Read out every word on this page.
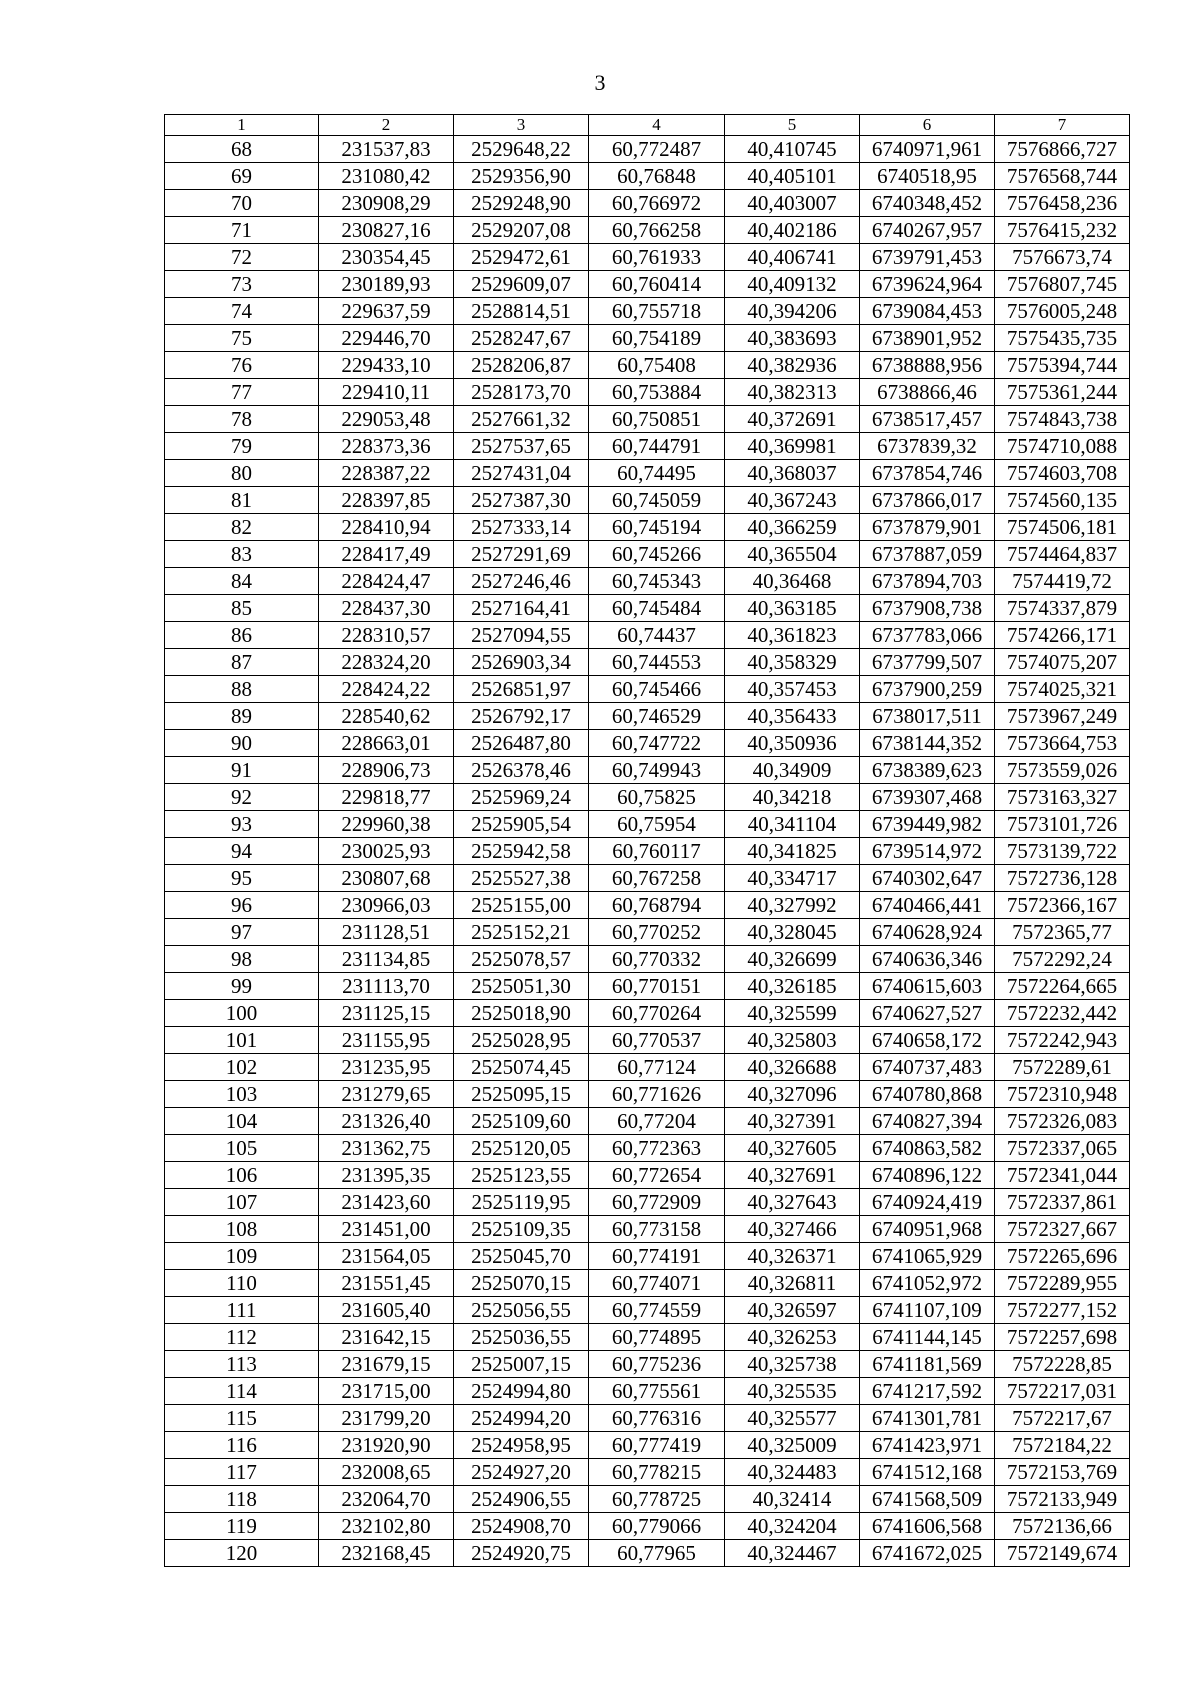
3
1	2	3	4	5	6	7
68	231537,83	2529648,22	60,772487	40,410745	6740971,961	7576866,727
69	231080,42	2529356,90	60,76848	40,405101	6740518,95	7576568,744
70	230908,29	2529248,90	60,766972	40,403007	6740348,452	7576458,236
71	230827,16	2529207,08	60,766258	40,402186	6740267,957	7576415,232
72	230354,45	2529472,61	60,761933	40,406741	6739791,453	7576673,74
73	230189,93	2529609,07	60,760414	40,409132	6739624,964	7576807,745
74	229637,59	2528814,51	60,755718	40,394206	6739084,453	7576005,248
75	229446,70	2528247,67	60,754189	40,383693	6738901,952	7575435,735
76	229433,10	2528206,87	60,75408	40,382936	6738888,956	7575394,744
77	229410,11	2528173,70	60,753884	40,382313	6738866,46	7575361,244
78	229053,48	2527661,32	60,750851	40,372691	6738517,457	7574843,738
79	228373,36	2527537,65	60,744791	40,369981	6737839,32	7574710,088
80	228387,22	2527431,04	60,74495	40,368037	6737854,746	7574603,708
81	228397,85	2527387,30	60,745059	40,367243	6737866,017	7574560,135
82	228410,94	2527333,14	60,745194	40,366259	6737879,901	7574506,181
83	228417,49	2527291,69	60,745266	40,365504	6737887,059	7574464,837
84	228424,47	2527246,46	60,745343	40,36468	6737894,703	7574419,72
85	228437,30	2527164,41	60,745484	40,363185	6737908,738	7574337,879
86	228310,57	2527094,55	60,74437	40,361823	6737783,066	7574266,171
87	228324,20	2526903,34	60,744553	40,358329	6737799,507	7574075,207
88	228424,22	2526851,97	60,745466	40,357453	6737900,259	7574025,321
89	228540,62	2526792,17	60,746529	40,356433	6738017,511	7573967,249
90	228663,01	2526487,80	60,747722	40,350936	6738144,352	7573664,753
91	228906,73	2526378,46	60,749943	40,34909	6738389,623	7573559,026
92	229818,77	2525969,24	60,75825	40,34218	6739307,468	7573163,327
93	229960,38	2525905,54	60,75954	40,341104	6739449,982	7573101,726
94	230025,93	2525942,58	60,760117	40,341825	6739514,972	7573139,722
95	230807,68	2525527,38	60,767258	40,334717	6740302,647	7572736,128
96	230966,03	2525155,00	60,768794	40,327992	6740466,441	7572366,167
97	231128,51	2525152,21	60,770252	40,328045	6740628,924	7572365,77
98	231134,85	2525078,57	60,770332	40,326699	6740636,346	7572292,24
99	231113,70	2525051,30	60,770151	40,326185	6740615,603	7572264,665
100	231125,15	2525018,90	60,770264	40,325599	6740627,527	7572232,442
101	231155,95	2525028,95	60,770537	40,325803	6740658,172	7572242,943
102	231235,95	2525074,45	60,77124	40,326688	6740737,483	7572289,61
103	231279,65	2525095,15	60,771626	40,327096	6740780,868	7572310,948
104	231326,40	2525109,60	60,77204	40,327391	6740827,394	7572326,083
105	231362,75	2525120,05	60,772363	40,327605	6740863,582	7572337,065
106	231395,35	2525123,55	60,772654	40,327691	6740896,122	7572341,044
107	231423,60	2525119,95	60,772909	40,327643	6740924,419	7572337,861
108	231451,00	2525109,35	60,773158	40,327466	6740951,968	7572327,667
109	231564,05	2525045,70	60,774191	40,326371	6741065,929	7572265,696
110	231551,45	2525070,15	60,774071	40,326811	6741052,972	7572289,955
111	231605,40	2525056,55	60,774559	40,326597	6741107,109	7572277,152
112	231642,15	2525036,55	60,774895	40,326253	6741144,145	7572257,698
113	231679,15	2525007,15	60,775236	40,325738	6741181,569	7572228,85
114	231715,00	2524994,80	60,775561	40,325535	6741217,592	7572217,031
115	231799,20	2524994,20	60,776316	40,325577	6741301,781	7572217,67
116	231920,90	2524958,95	60,777419	40,325009	6741423,971	7572184,22
117	232008,65	2524927,20	60,778215	40,324483	6741512,168	7572153,769
118	232064,70	2524906,55	60,778725	40,32414	6741568,509	7572133,949
119	232102,80	2524908,70	60,779066	40,324204	6741606,568	7572136,66
120	232168,45	2524920,75	60,77965	40,324467	6741672,025	7572149,674
